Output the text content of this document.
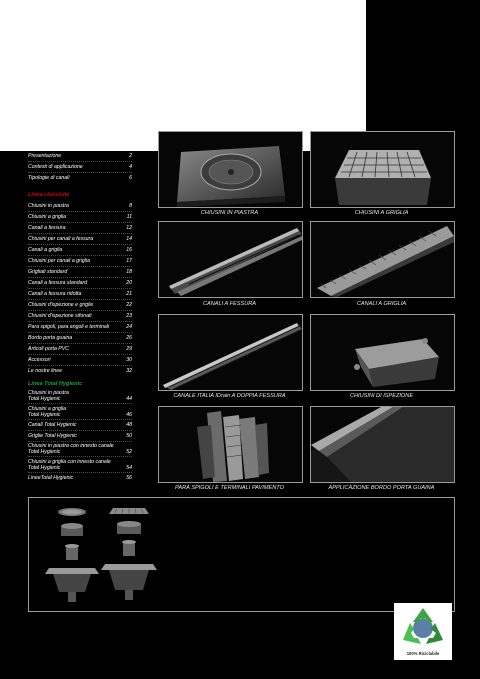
Presentazione	2
Contesti di applicazione	4
Tipologie di canali	6
Linea classiche
Chiusini in piastra	8
Chiusini a griglia	11
Canali a fessura	12
Chiusini per canali a fessura	14
Canali a griglia	16
Chiusini per canali a griglia	17
Grigliati standard	18
Canali a fessura standard	20
Canali a fessura ridotta	21
Chiusini d'ispezione e griglie	22
Chiusini d'ispezione sifonati	23
Para spigoli, para angoli e terminali	24
Bordo porta guaina	26
Articoli porta PVC	29
Accessori	30
Le nostre linee	32
Linea Total Hygienic
Chiusini in piastra
Total Hygienic	44
Chiusini a griglia
Total Hygienic	46
Canali Total Hygienic	48
Griglie Total Hygienic	50
Chiusini in piastra con innesto canale
Total Hygienic	52
Chiusini a griglia con innesto canale
Total Hygienic	54
LineeTotal Hygienic	56
CHIUSINI IN PIASTRA	CHIUSINI A GRIGLIA
CANALI A FESSURA	CANALI A GRIGLIA
CANALE ITALIA IDrain A DOPPIA FESSURA	CHIUSINI DI ISPEZIONE
PARA SPIGOLI E TERMINALI PAVIMENTO	APPLICAZIONE BORDO PORTA GUAINA
100% Riciclabile
